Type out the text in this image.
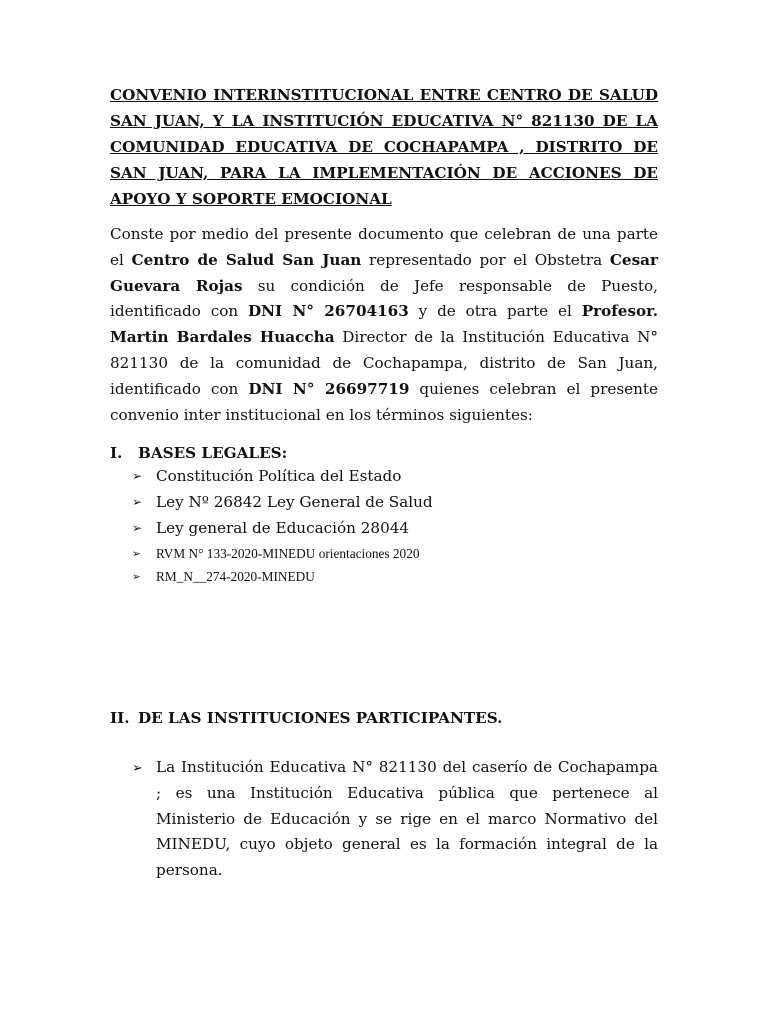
CONVENIO INTERINSTITUCIONAL ENTRE CENTRO DE SALUD SAN JUAN, Y LA INSTITUCIÓN EDUCATIVA N° 821130 DE LA COMUNIDAD EDUCATIVA DE COCHAPAMPA , DISTRITO DE SAN JUAN, PARA LA IMPLEMENTACIÓN DE ACCIONES DE APOYO Y SOPORTE EMOCIONAL

Conste por medio del presente documento que celebran de una parte el Centro de Salud San Juan representado por el Obstetra Cesar Guevara Rojas su condición de Jefe responsable de Puesto, identificado con DNI N° 26704163 y de otra parte el Profesor. Martin Bardales Huaccha Director de la Institución Educativa N° 821130 de la comunidad de Cochapampa, distrito de San Juan, identificado con DNI N° 26697719 quienes celebran el presente convenio inter institucional en los términos siguientes:

I. BASES LEGALES:
➢ Constitución Política del Estado
➢ Ley Nº 26842 Ley General de Salud
➢ Ley general de Educación 28044
➢ RVM N° 133-2020-MINEDU orientaciones 2020
➢ RM_N__274-2020-MINEDU
II. DE LAS INSTITUCIONES PARTICIPANTES.
➢ La Institución Educativa N° 821130 del caserío de Cochapampa ; es una Institución Educativa pública que pertenece al Ministerio de Educación y se rige en el marco Normativo del MINEDU, cuyo objeto general es la formación integral de la persona.
